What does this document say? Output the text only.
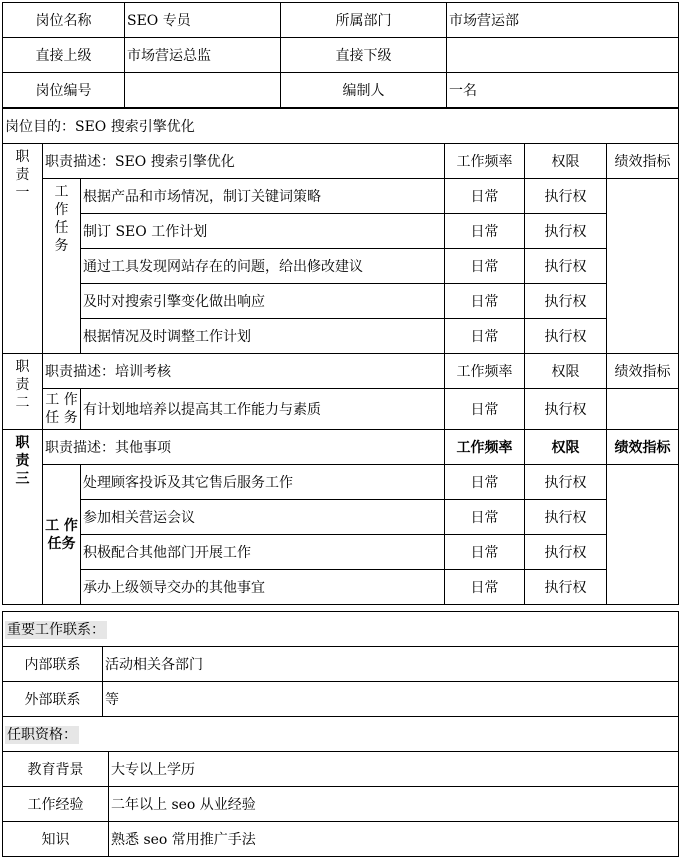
岗位名称	SEO 专员	所属部门	市场营运部
直接上级	市场营运总监	直接下级	
岗位编号		编制人	一名
岗位目的：SEO 搜索引擎优化					

职
责
一	职责描述：SEO 搜索引擎优化		工作频率	权限	绩效指标

	工
作
任
务	根据产品和市场情况，制订关键词策略	日常	执行权	
		制订 SEO 工作计划	日常	执行权	
		通过工具发现网站存在的问题，给出修改建议	日常	执行权	
		及时对搜索引擎变化做出响应	日常	执行权	
		根据情况及时调整工作计划	日常	执行权	

职
责
二	职责描述：培训考核		工作频率	权限	绩效指标

	工 作
任 务	有计划地培养以提高其工作能力与素质	日常	执行权	

职
责
三	职责描述：其他事项		工作频率	权限	绩效指标

	工 作
任务	处理顾客投诉及其它售后服务工作	日常	执行权	
		参加相关营运会议	日常	执行权	
		积极配合其他部门开展工作	日常	执行权	
		承办上级领导交办的其他事宜	日常	执行权	
重要工作联系：		
内部联系	活动相关各部门	
外部联系	等	
任职资格：		
教育背景		大专以上学历
工作经验		二年以上 seo 从业经验
知识		熟悉 seo 常用推广手法
